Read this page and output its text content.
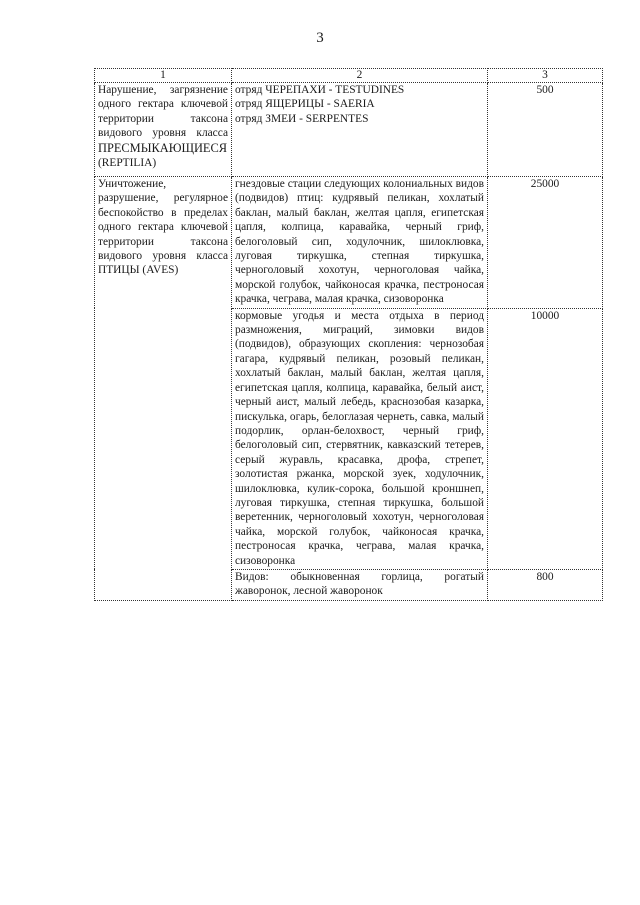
3
1	2	3
Нарушение, загрязнение одного гектара ключевой территории таксона видового уровня класса ПРЕСМЫКАЮЩИЕСЯ (REPTILIA)	отряд ЧЕРЕПАХИ - TESTUDINES
отряд ЯЩЕРИЦЫ - SAERIA
отряд ЗМЕИ - SERPENTES	500
Уничтожение, разрушение, регулярное беспокойство в пределах одного гектара ключевой территории таксона видового уровня класса ПТИЦЫ (AVES)	гнездовые стации следующих колониальных видов (подвидов) птиц: кудрявый пеликан, хохлатый баклан, малый баклан, желтая цапля, египетская цапля, колпица, каравайка, черный гриф, белоголовый сип, ходулочник, шилоклювка, луговая тиркушка, степная тиркушка, черноголовый хохотун, черноголовая чайка, морской голубок, чайконосая крачка, пестроносая крачка, чеграва, малая крачка, сизоворонка	25000
	кормовые угодья и места отдыха в период размножения, миграций, зимовки видов (подвидов), образующих скопления: чернозобая гагара, кудрявый пеликан, розовый пеликан, хохлатый баклан, малый баклан, желтая цапля, египетская цапля, колпица, каравайка, белый аист, черный аист, малый лебедь, краснозобая казарка, пискулька, огарь, белоглазая чернеть, савка, малый подорлик, орлан-белохвост, черный гриф, белоголовый сип, стервятник, кавказский тетерев, серый журавль, красавка, дрофа, стрепет, золотистая ржанка, морской зуек, ходулочник, шилоклювка, кулик-сорока, большой кроншнеп, луговая тиркушка, степная тиркушка, большой веретенник, черноголовый хохотун, черноголовая чайка, морской голубок, чайконосая крачка, пестроносая крачка, чеграва, малая крачка, сизоворонка	10000
	Видов: обыкновенная горлица, рогатый жаворонок, лесной жаворонок	800
